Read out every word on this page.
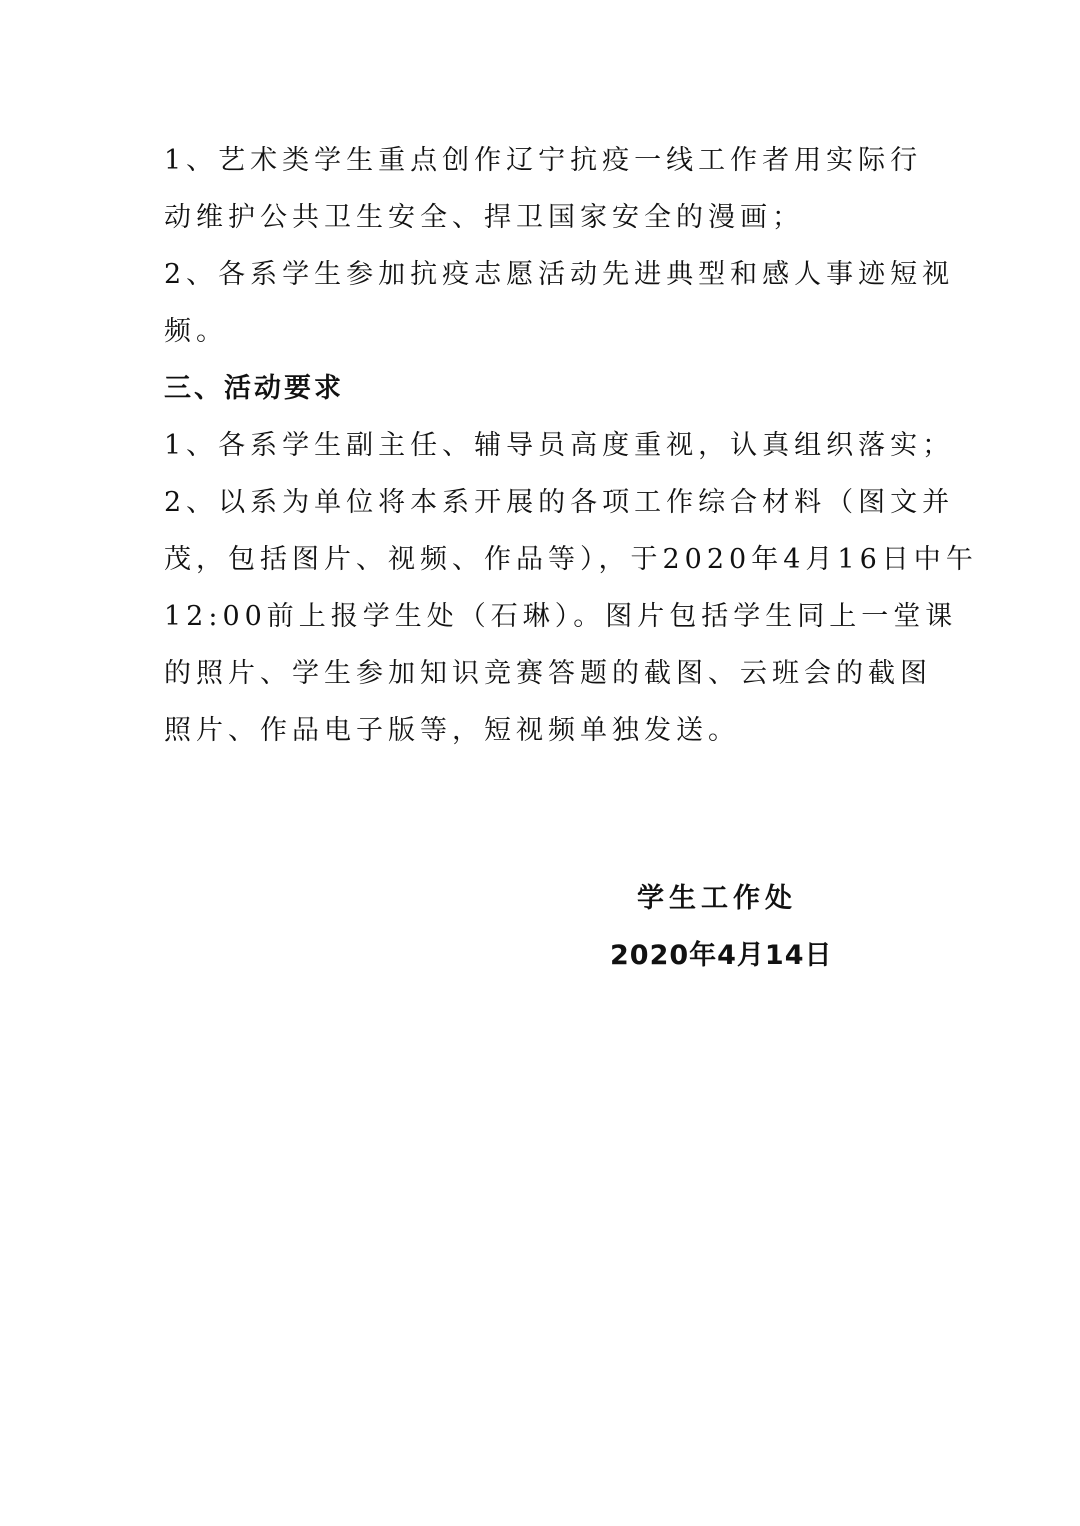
1、艺术类学生重点创作辽宁抗疫一线工作者用实际行
动维护公共卫生安全、捍卫国家安全的漫画；
2、各系学生参加抗疫志愿活动先进典型和感人事迹短视
频。
三、活动要求
1、各系学生副主任、辅导员高度重视，认真组织落实；
2、以系为单位将本系开展的各项工作综合材料（图文并
茂，包括图片、视频、作品等），于2020年4月16日中午
12:00前上报学生处（石琳）。图片包括学生同上一堂课
的照片、学生参加知识竞赛答题的截图、云班会的截图
照片、作品电子版等，短视频单独发送。
学生工作处
2020年4月14日
